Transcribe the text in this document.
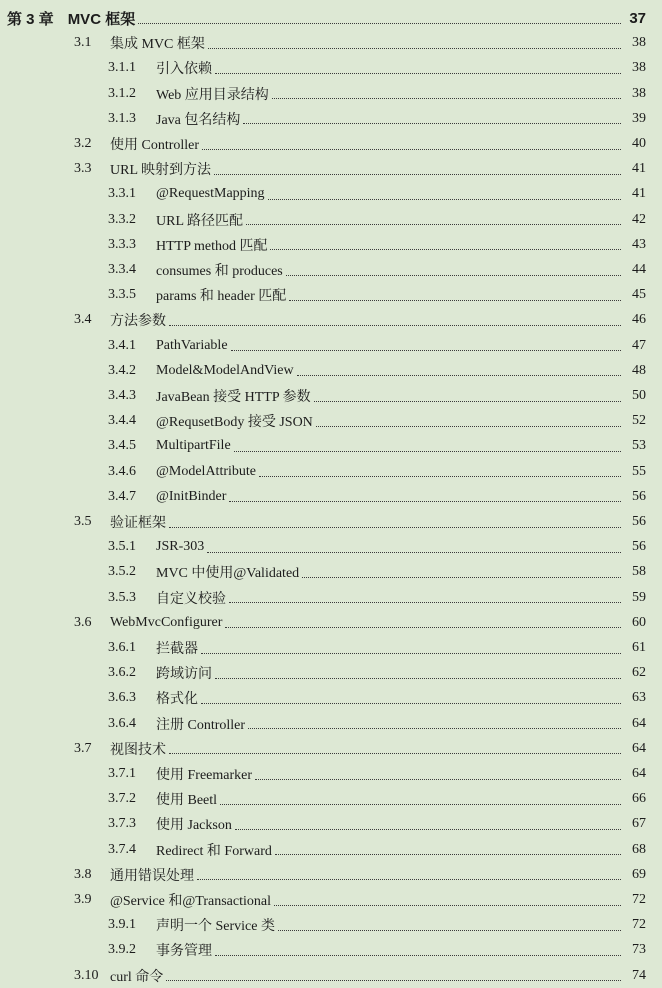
第 3 章 MVC 框架	37
3.1	集成 MVC 框架	38
3.1.1	引入依赖	38
3.1.2	Web 应用目录结构	38
3.1.3	Java 包名结构	39
3.2	使用 Controller	40
3.3	URL 映射到方法	41
3.3.1	@RequestMapping	41
3.3.2	URL 路径匹配	42
3.3.3	HTTP method 匹配	43
3.3.4	consumes 和 produces	44
3.3.5	params 和 header 匹配	45
3.4	方法参数	46
3.4.1	PathVariable	47
3.4.2	Model&ModelAndView	48
3.4.3	JavaBean 接受 HTTP 参数	50
3.4.4	@RequsetBody 接受 JSON	52
3.4.5	MultipartFile	53
3.4.6	@ModelAttribute	55
3.4.7	@InitBinder	56
3.5	验证框架	56
3.5.1	JSR-303	56
3.5.2	MVC 中使用@Validated	58
3.5.3	自定义校验	59
3.6	WebMvcConfigurer	60
3.6.1	拦截器	61
3.6.2	跨域访问	62
3.6.3	格式化	63
3.6.4	注册 Controller	64
3.7	视图技术	64
3.7.1	使用 Freemarker	64
3.7.2	使用 Beetl	66
3.7.3	使用 Jackson	67
3.7.4	Redirect 和 Forward	68
3.8	通用错误处理	69
3.9	@Service 和@Transactional	72
3.9.1	声明一个 Service 类	72
3.9.2	事务管理	73
3.10 curl 命令	74
